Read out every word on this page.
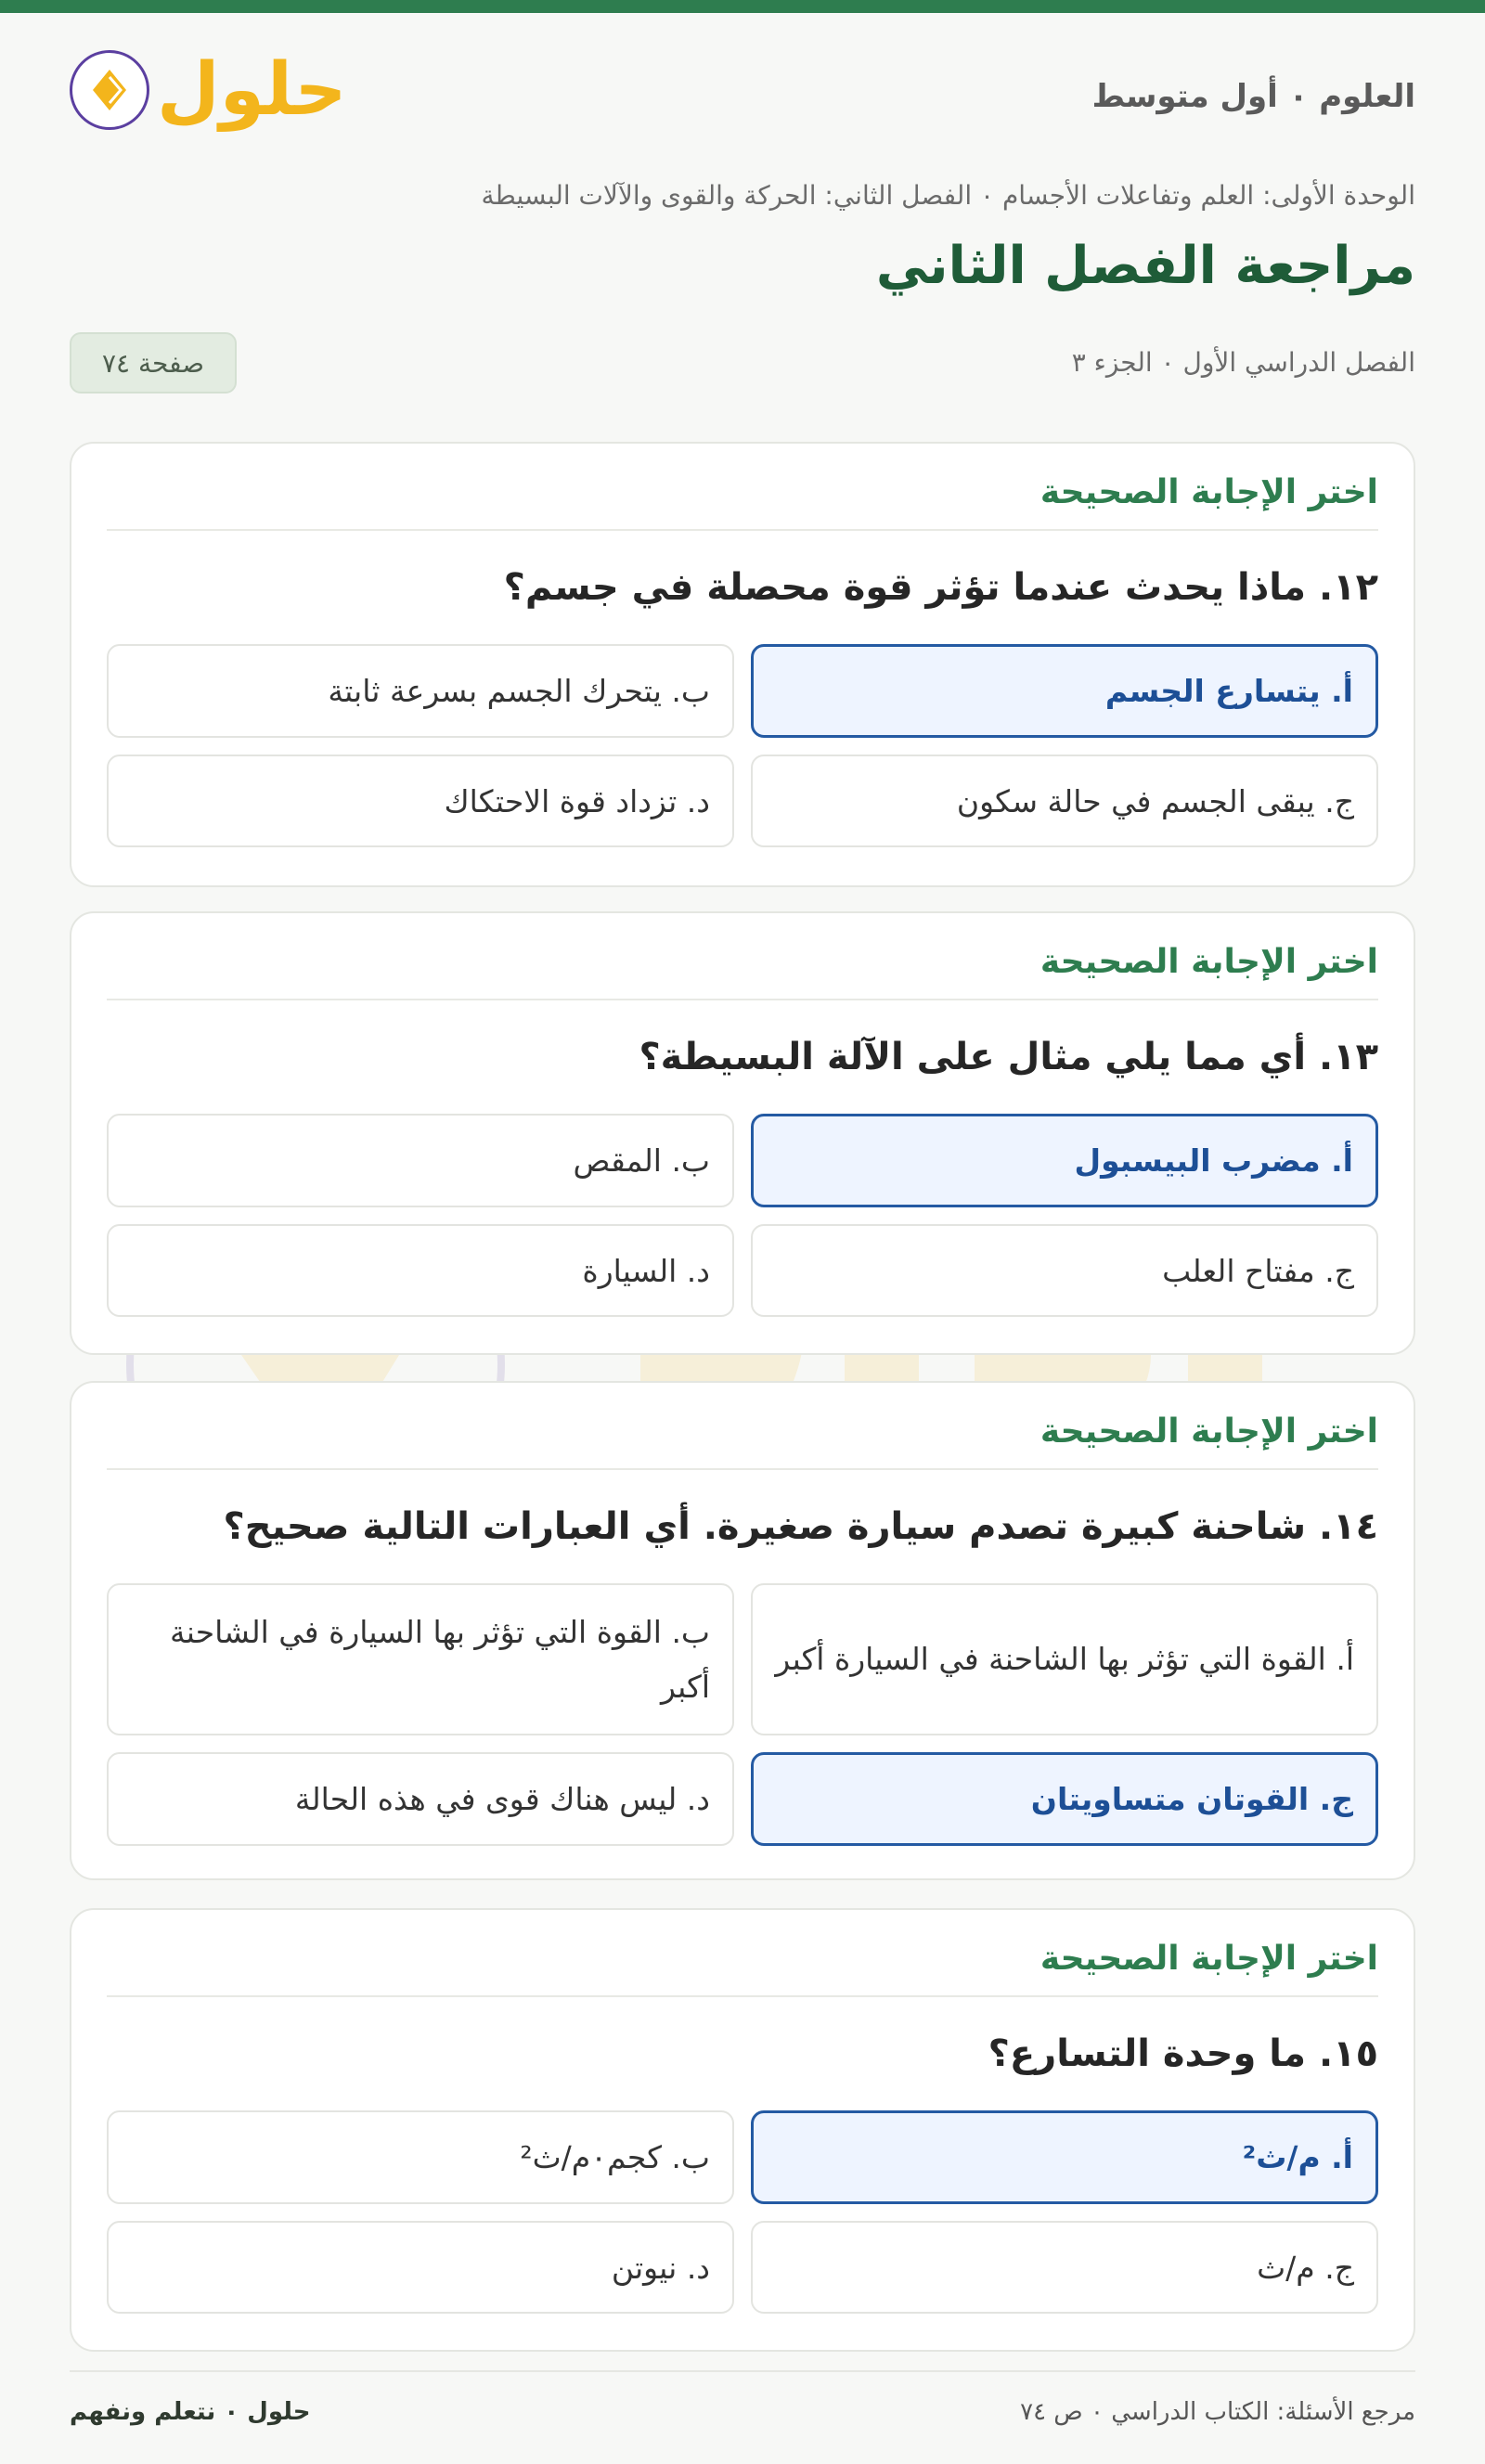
العلوم ٠ أول متوسط
حلول
الوحدة الأولى: العلم وتفاعلات الأجسام ٠ الفصل الثاني: الحركة والقوى والآلات البسيطة
مراجعة الفصل الثاني
الفصل الدراسي الأول ٠ الجزء ٣
صفحة ٧٤
اختر الإجابة الصحيحة
١٢. ماذا يحدث عندما تؤثر قوة محصلة في جسم؟
أ. يتسارع الجسم
ب. يتحرك الجسم بسرعة ثابتة
ج. يبقى الجسم في حالة سكون
د. تزداد قوة الاحتكاك
اختر الإجابة الصحيحة
١٣. أي مما يلي مثال على الآلة البسيطة؟
أ. مضرب البيسبول
ب. المقص
ج. مفتاح العلب
د. السيارة
اختر الإجابة الصحيحة
١٤. شاحنة كبيرة تصدم سيارة صغيرة. أي العبارات التالية صحيح؟
أ. القوة التي تؤثر بها الشاحنة في السيارة أكبر
ب. القوة التي تؤثر بها السيارة في الشاحنة أكبر
ج. القوتان متساويتان
د. ليس هناك قوى في هذه الحالة
اختر الإجابة الصحيحة
١٥. ما وحدة التسارع؟
أ. م/ث²
ب. كجم٠م/ث²
ج. م/ث
د. نيوتن
مرجع الأسئلة: الكتاب الدراسي ٠ ص ٧٤
حلول ٠ نتعلم ونفهم
